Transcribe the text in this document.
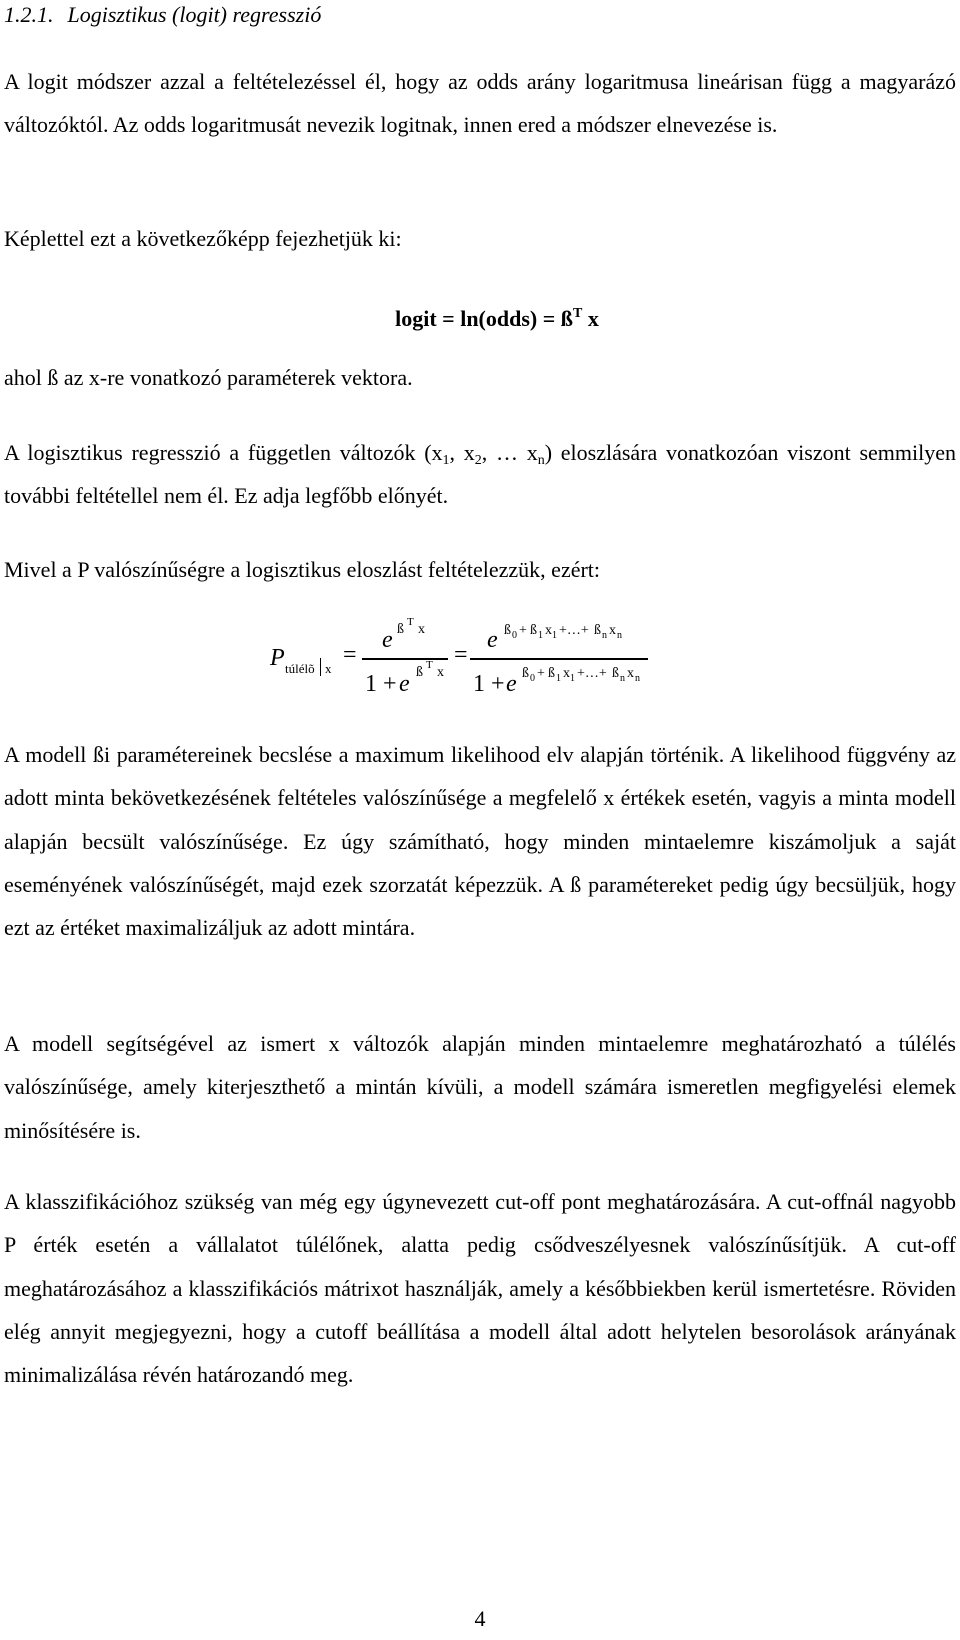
1.2.1. Logisztikus (logit) regresszió

A logit módszer azzal a feltételezéssel él, hogy az odds arány logaritmusa lineárisan függ a magyarázó változóktól. Az odds logaritmusát nevezik logitnak, innen ered a módszer elnevezése is.

Képlettel ezt a következőképp fejezhetjük ki:

logit = ln(odds) = $ß^T$ x

ahol ß az x-re vonatkozó paraméterek vektora.

A logisztikus regresszió a független változók ($x_1$, $x_2$, … $x_n$) eloszlására vonatkozóan viszont semmilyen további feltétellel nem él. Ez adja legfőbb előnyét.

Mivel a P valószínűségre a logisztikus eloszlást feltételezzük, ezért:

P túlélõ x
=
e ß T x
1 + e ß T x
=
e ß 0 + ß 1 x 1 +…+ ß n x n
1 + e ß 0 + ß 1 x 1 +…+ ß n x n

A modell ßi paramétereinek becslése a maximum likelihood elv alapján történik. A likelihood függvény az adott minta bekövetkezésének feltételes valószínűsége a megfelelő x értékek esetén, vagyis a minta modell alapján becsült valószínűsége. Ez úgy számítható, hogy minden mintaelemre kiszámoljuk a saját eseményének valószínűségét, majd ezek szorzatát képezzük. A ß paramétereket pedig úgy becsüljük, hogy ezt az értéket maximalizáljuk az adott mintára.

A modell segítségével az ismert x változók alapján minden mintaelemre meghatározható a túlélés valószínűsége, amely kiterjeszthető a mintán kívüli, a modell számára ismeretlen megfigyelési elemek minősítésére is.

A klasszifikációhoz szükség van még egy úgynevezett cut-off pont meghatározására. A cut-offnál nagyobb P érték esetén a vállalatot túlélőnek, alatta pedig csődveszélyesnek valószínűsítjük. A cut-off meghatározásához a klasszifikációs mátrixot használják, amely a későbbiekben kerül ismertetésre. Röviden elég annyit megjegyezni, hogy a cutoff beállítása a modell által adott helytelen besorolások arányának minimalizálása révén határozandó meg.

4
